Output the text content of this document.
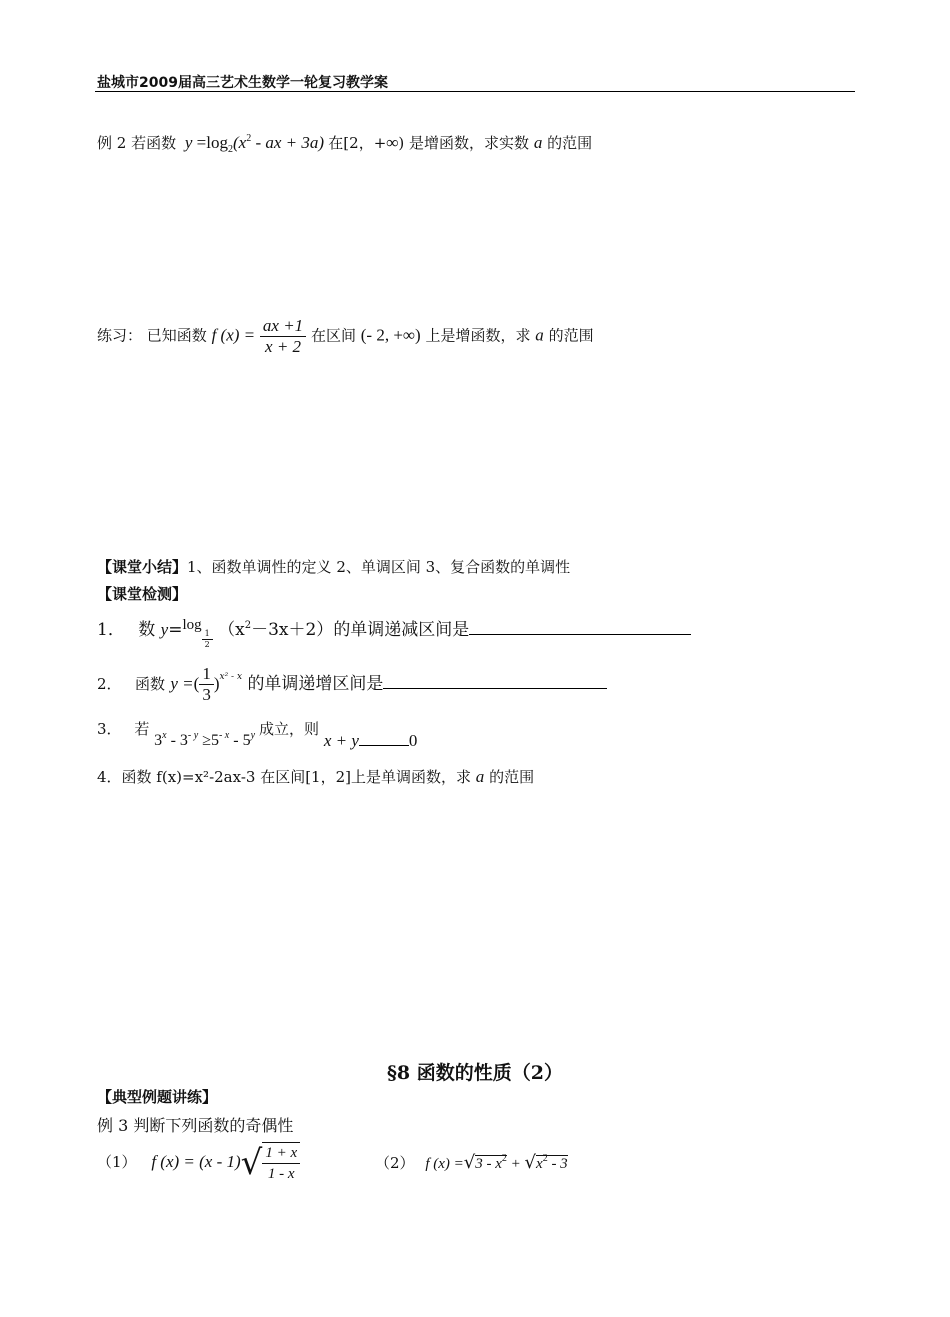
盐城市2009届高三艺术生数学一轮复习教学案
例 2 若函数 $y =\log_2(x^2$ - ax + 3a) 在[2，+∞) 是增函数，求实数 a 的范围
练习： 已知函数 f $(x) = \frac{ax +1}{x + 2}$ 在区间 (- 2, +∞) 上是增函数，求 a 的范围
【课堂小结】1、函数单调性的定义 2、单调区间 3、复合函数的单调性
【课堂检测】
1． 数 y=log
$\frac{1}{2} (x^2-3x+2)$的单调递减区间是
2． 函数 y =( $\frac{1}{3} )^{x^2 - x}$ 的单调递增区间是
3． 若 $3^x - 3^{- y} \ge 5^{- x} - 5^y$ 成立，则 x + y	0
4．函数 f(x)=x²-2ax-3 在区间[1，2]上是单调函数，求 a 的范围
§8 函数的性质（2）
【典型例题讲练】
例 3 判断下列函数的奇偶性
（1） f $(x) = (x - 1)√ \frac{1 + x}{1 - x}$	（2） f $(x) =√3 - x^2 + √x^2 - 3$
